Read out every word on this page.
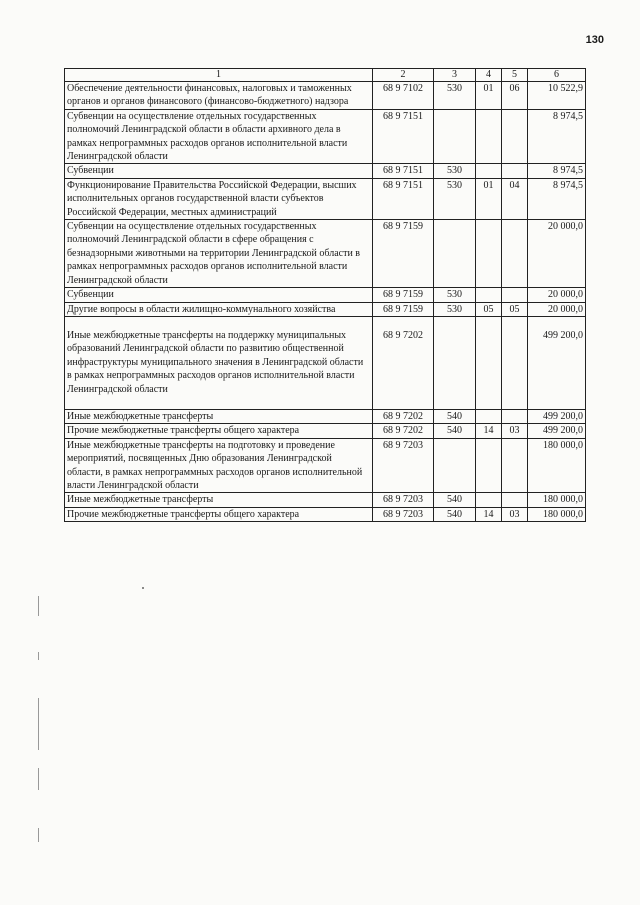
130
1	2	3	4	5	6
Обеспечение деятельности финансовых, налоговых и таможенных органов и органов финансового (финансово-бюджетного) надзора	68 9 7102	530	01	06	10 522,9
Субвенции на осуществление отдельных государственных полномочий Ленинградской области в области архивного дела в рамках непрограммных расходов органов исполнительной власти Ленинградской области	68 9 7151				8 974,5
Субвенции	68 9 7151	530			8 974,5
Функционирование Правительства Российской Федерации, высших исполнительных органов государственной власти субъектов Российской Федерации, местных администраций	68 9 7151	530	01	04	8 974,5
Субвенции на осуществление отдельных государственных полномочий Ленинградской области в сфере обращения с безнадзорными животными на территории Ленинградской области в рамках непрограммных расходов органов исполнительной власти Ленинградской области	68 9 7159				20 000,0
Субвенции	68 9 7159	530			20 000,0
Другие вопросы в области жилищно-коммунального хозяйства	68 9 7159	530	05	05	20 000,0

Иные межбюджетные трансферты на поддержку муниципальных образований Ленинградской области по развитию общественной инфраструктуры муниципального значения в Ленинградской области в рамках непрограммных расходов органов исполнительной власти Ленинградской области	68 9 7202				499 200,0

Иные межбюджетные трансферты	68 9 7202	540			499 200,0
Прочие межбюджетные трансферты общего характера	68 9 7202	540	14	03	499 200,0
Иные межбюджетные трансферты на подготовку и проведение мероприятий, посвященных Дню образования Ленинградской области, в рамках непрограммных расходов органов исполнительной власти Ленинградской области	68 9 7203				180 000,0
Иные межбюджетные трансферты	68 9 7203	540			180 000,0
Прочие межбюджетные трансферты общего характера	68 9 7203	540	14	03	180 000,0
